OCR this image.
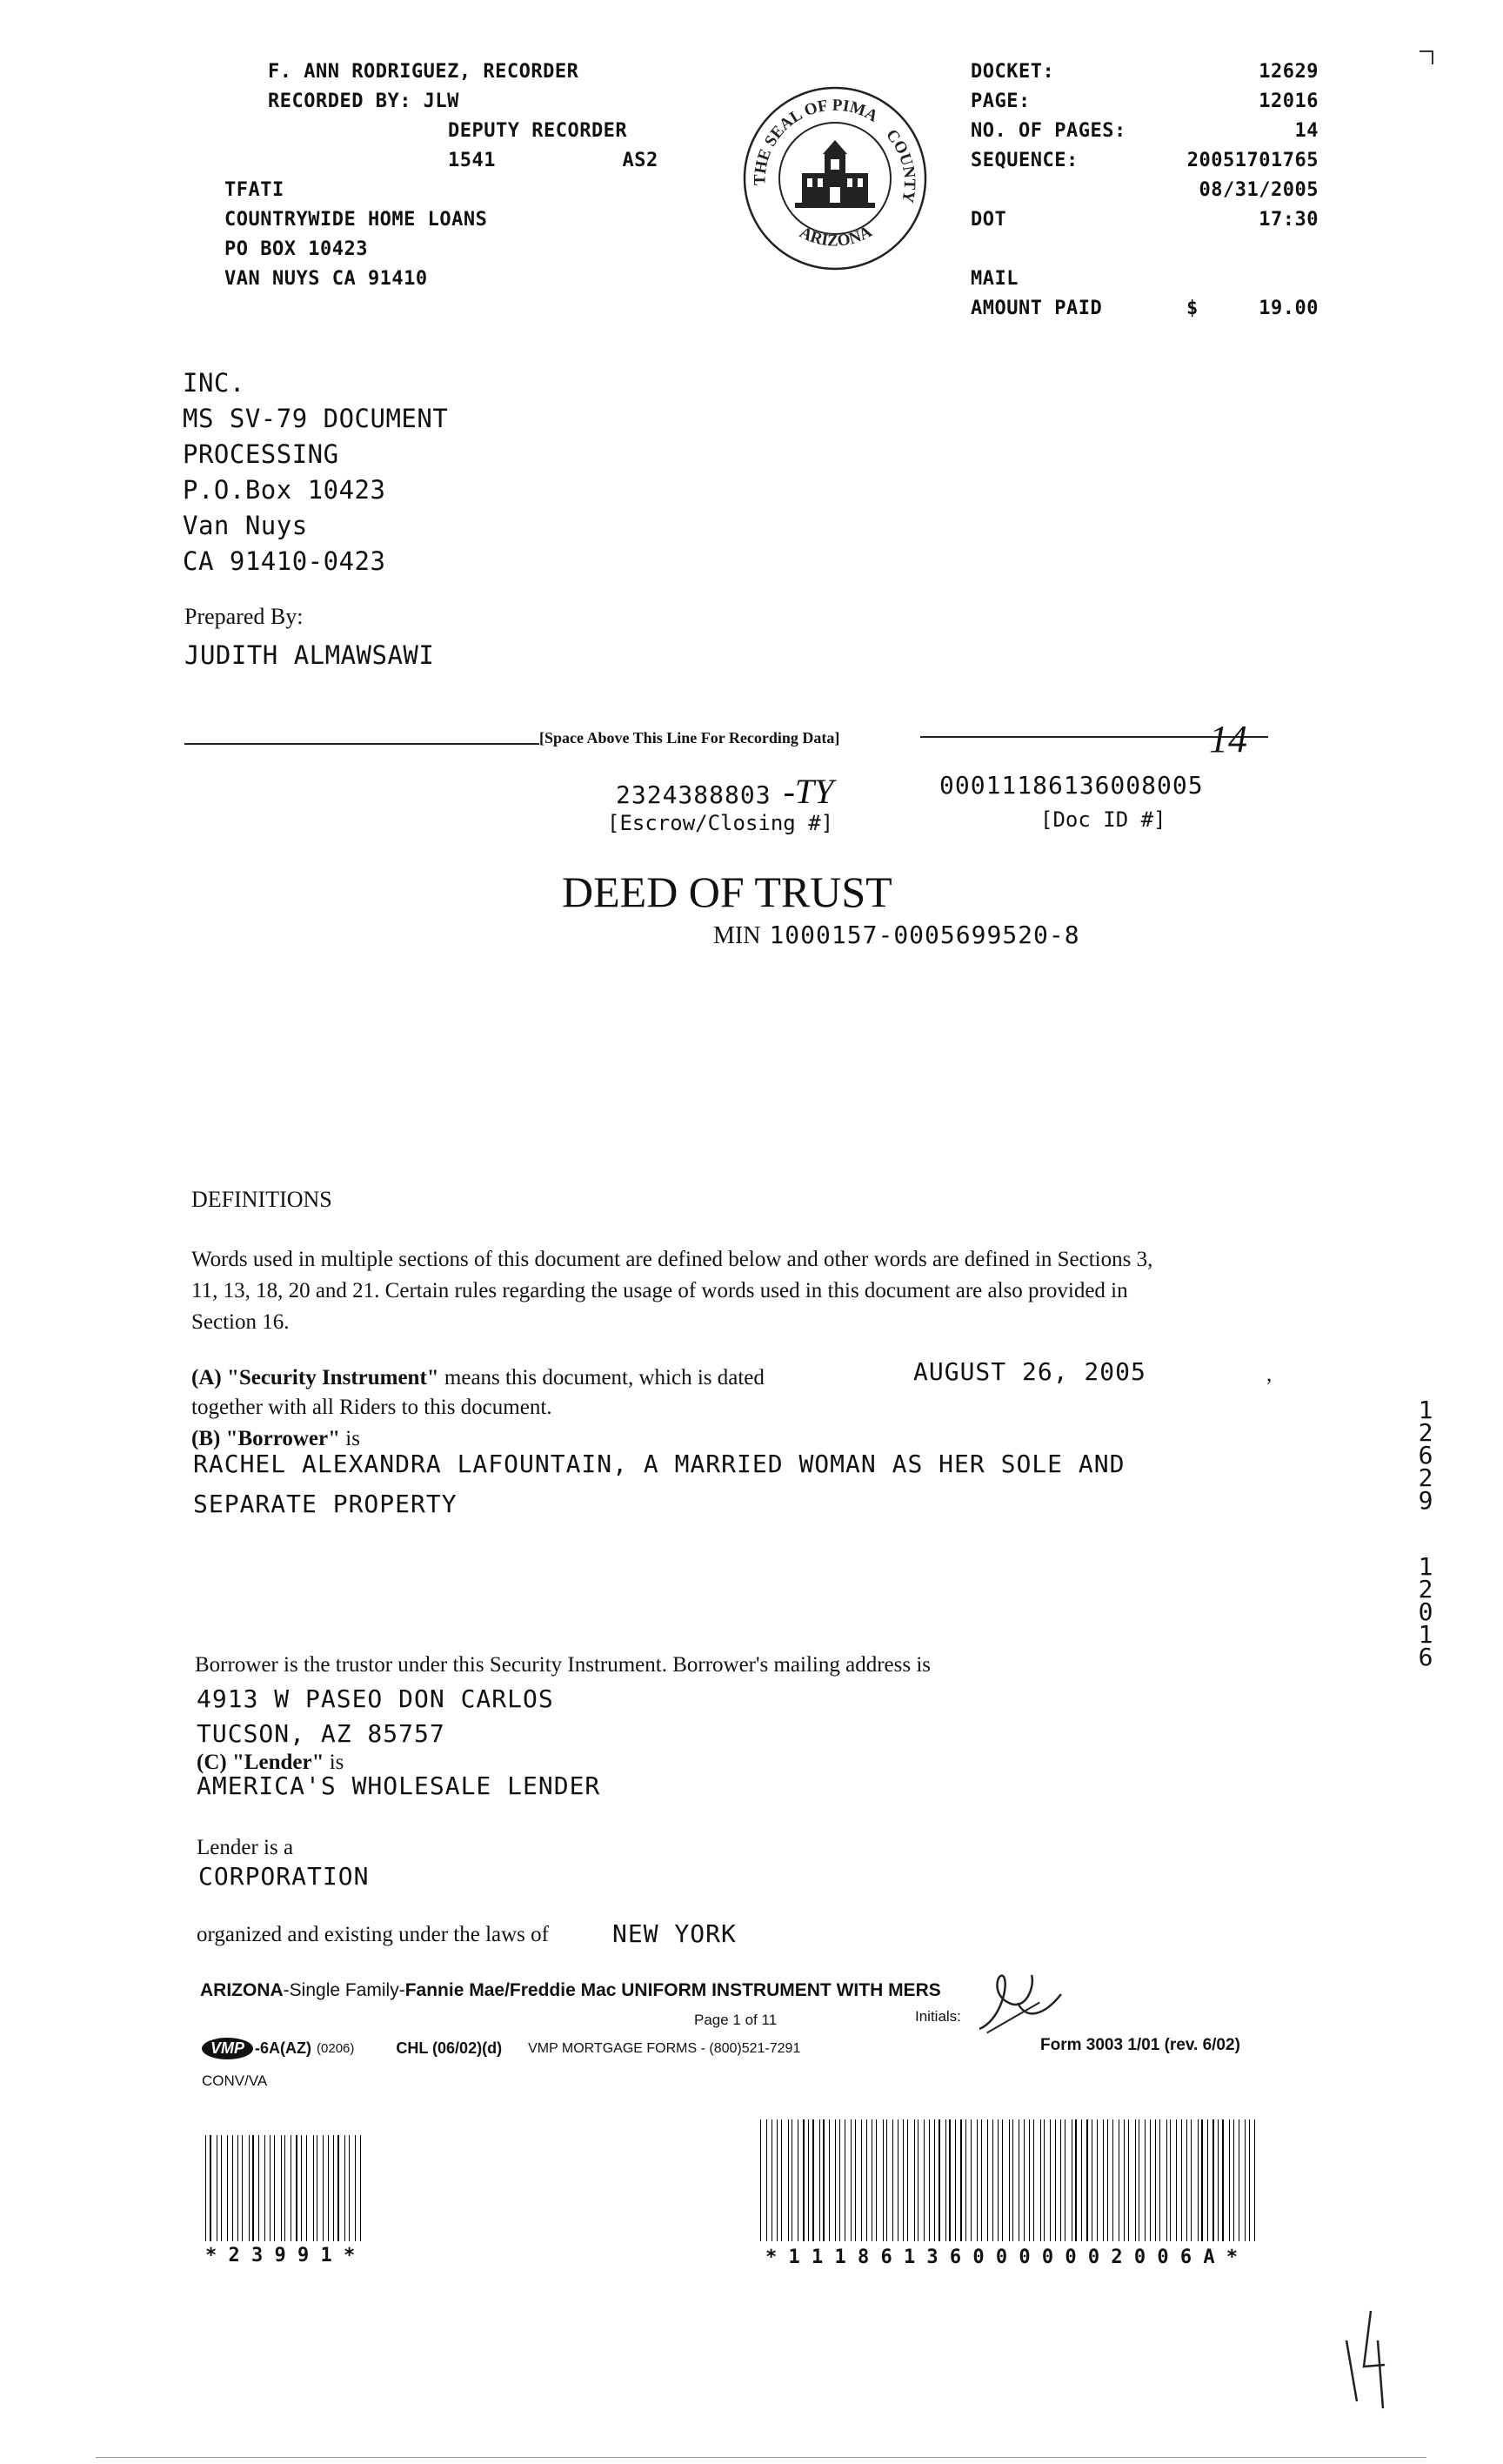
F. ANN RODRIGUEZ, RECORDER
RECORDED BY: JLW
DEPUTY RECORDER
1541	AS2
TFATI
COUNTRYWIDE HOME LOANS
PO BOX 10423
VAN NUYS CA 91410
THE SEAL OF PIMA
COUNTY
ARIZONA
DOCKET:	12629
PAGE:	12016
NO. OF PAGES:	14
SEQUENCE:	20051701765
08/31/2005
DOT	17:30
MAIL
AMOUNT PAID	$	19.00
INC.
MS SV-79 DOCUMENT
PROCESSING
P.O.Box 10423
Van Nuys
CA 91410-0423
Prepared By:
JUDITH ALMAWSAWI
[Space Above This Line For Recording Data]	14
2324388803 -TY
[Escrow/Closing #]
00011186136008005
[Doc ID #]
DEED OF TRUST
MIN 1000157-0005699520-8
DEFINITIONS
Words used in multiple sections of this document are defined below and other words are defined in Sections 3,
11, 13, 18, 20 and 21. Certain rules regarding the usage of words used in this document are also provided in
Section 16.
(A) "Security Instrument" means this document, which is dated	AUGUST 26, 2005	,
together with all Riders to this document.
(B) "Borrower" is
RACHEL ALEXANDRA LAFOUNTAIN, A MARRIED WOMAN AS HER SOLE AND
SEPARATE PROPERTY
Borrower is the trustor under this Security Instrument. Borrower's mailing address is
4913 W PASEO DON CARLOS
TUCSON, AZ 85757
(C) "Lender" is
AMERICA'S WHOLESALE LENDER
Lender is a
CORPORATION
organized and existing under the laws of	NEW YORK
12629
12016
ARIZONA-Single Family-Fannie Mae/Freddie Mac UNIFORM INSTRUMENT WITH MERS
Page 1 of 11	Initials:
VMP -6A(AZ) (0206)	CHL (06/02)(d) VMP MORTGAGE FORMS - (800)521-7291	Form 3003 1/01 (rev. 6/02)
CONV/VA
* 2 3 9 9 1 *	* 1 1 1 8 6 1 3 6 0 0 0 0 0 0 2 0 0 6 A *
